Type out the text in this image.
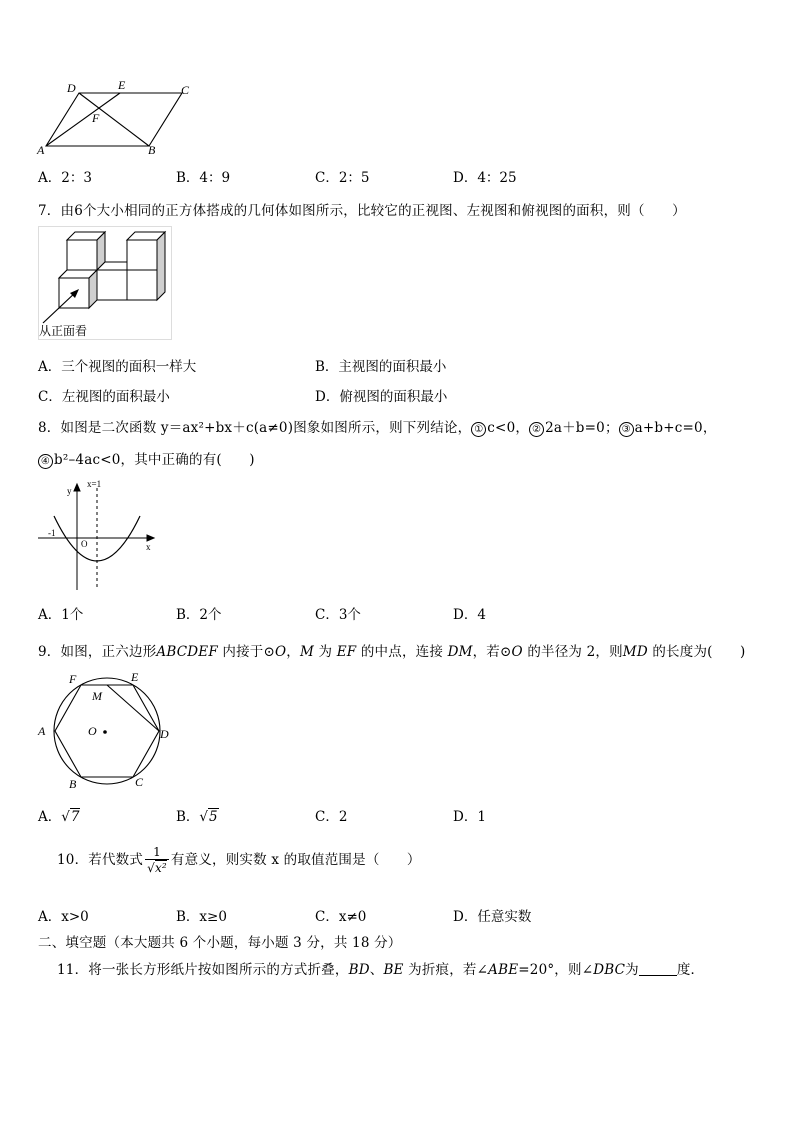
D	E	C
F
A	B
A．2：3	B．4：9	C．2：5	D．4：25
7．由6个大小相同的正方体搭成的几何体如图所示，比较它的正视图、左视图和俯视图的面积，则（　　）
从正面看
A．三个视图的面积一样大	B．主视图的面积最小
C．左视图的面积最小	D．俯视图的面积最小
8．如图是二次函数 y＝ax²+bx＋c(a≠0)图象如图所示，则下列结论， ① c<0， ② 2a＋b=0； ③ a+b+c=0，
④ b²–4ac<0，其中正确的有(　　)
y
x=1
-1
O	x
A．1个	B．2个	C．3个	D．4
9．如图，正六边形ABCDEF 内接于⊙O，M 为 EF 的中点，连接 DM，若⊙O 的半径为 2，则MD 的长度为(　　)
F	E
M
A	O	D
B	C
A．√7	B．√5	C．2	D．1
10．若代数式 $\frac{1}{\text{√x²}}$ 有意义，则实数 x 的取值范围是（　　）
A．x>0	B．x≥0	C．x≠0	D．任意实数
二、填空题（本大题共 6 个小题，每小题 3 分，共 18 分）
11．将一张长方形纸片按如图所示的方式折叠，BD、BE 为折痕，若∠ABE=20°，则∠DBC为	度．
